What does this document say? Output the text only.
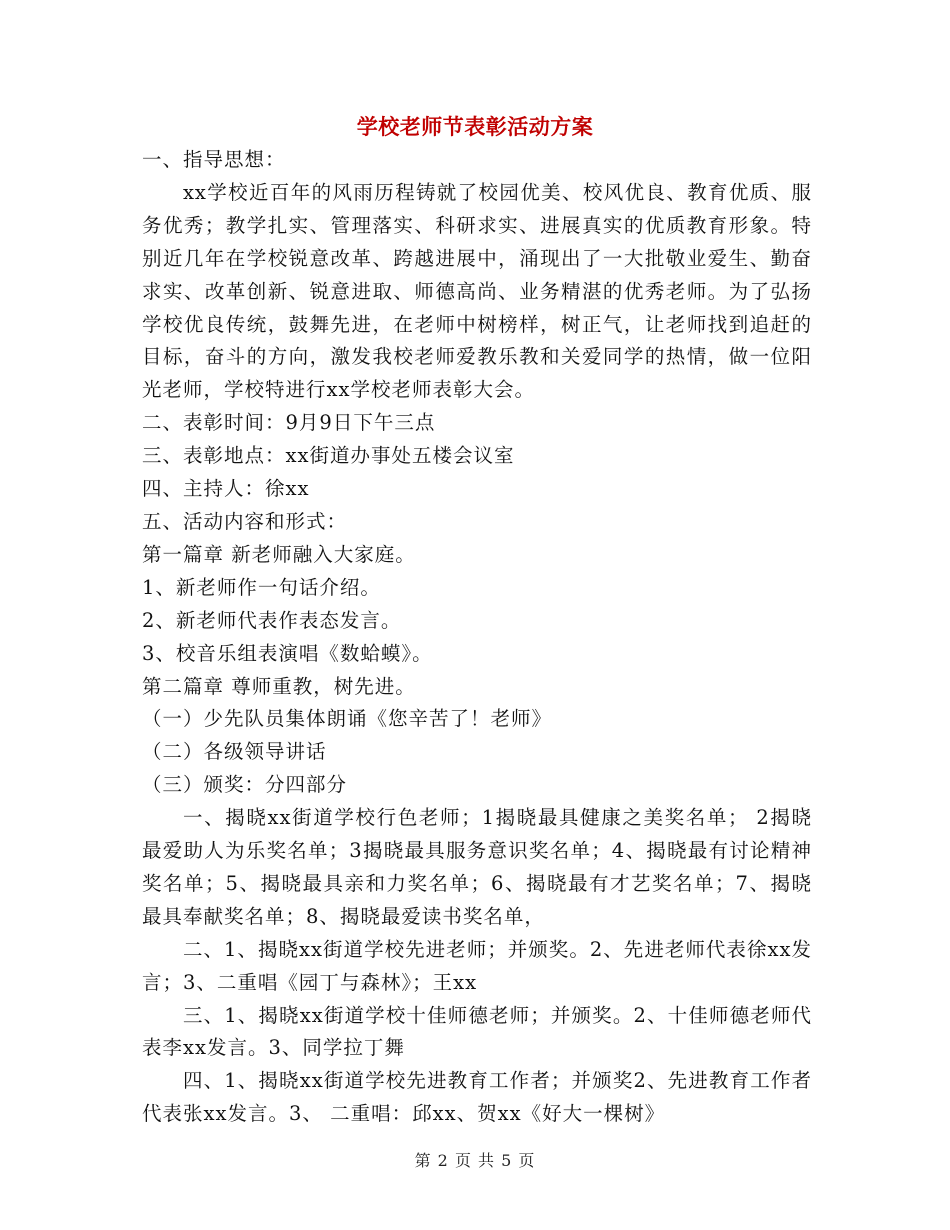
学校老师节表彰活动方案

一、指导思想：

xx学校近百年的风雨历程铸就了校园优美、校风优良、教育优质、服务优秀；教学扎实、管理落实、科研求实、进展真实的优质教育形象。特别近几年在学校锐意改革、跨越进展中，涌现出了一大批敬业爱生、勤奋求实、改革创新、锐意进取、师德高尚、业务精湛的优秀老师。为了弘扬学校优良传统，鼓舞先进，在老师中树榜样，树正气，让老师找到追赶的目标，奋斗的方向，激发我校老师爱教乐教和关爱同学的热情，做一位阳光老师，学校特进行xx学校老师表彰大会。

二、表彰时间：9月9日下午三点

三、表彰地点：xx街道办事处五楼会议室

四、主持人：徐xx

五、活动内容和形式：

第一篇章 新老师融入大家庭。

1、新老师作一句话介绍。

2、新老师代表作表态发言。

3、校音乐组表演唱《数蛤蟆》。

第二篇章 尊师重教，树先进。

（一）少先队员集体朗诵《您辛苦了！老师》

（二）各级领导讲话

（三）颁奖：分四部分

一、揭晓xx街道学校行色老师；1揭晓最具健康之美奖名单； 2揭晓最爱助人为乐奖名单；3揭晓最具服务意识奖名单；4、揭晓最有讨论精神奖名单；5、揭晓最具亲和力奖名单；6、揭晓最有才艺奖名单；7、揭晓最具奉献奖名单；8、揭晓最爱读书奖名单，

二、1、揭晓xx街道学校先进老师；并颁奖。2、先进老师代表徐xx发言；3、二重唱《园丁与森林》；王xx

三、1、揭晓xx街道学校十佳师德老师；并颁奖。2、十佳师德老师代表李xx发言。3、同学拉丁舞

四、1、揭晓xx街道学校先进教育工作者；并颁奖2、先进教育工作者代表张xx发言。3、 二重唱：邱xx、贺xx《好大一棵树》

第 2 页 共 5 页
